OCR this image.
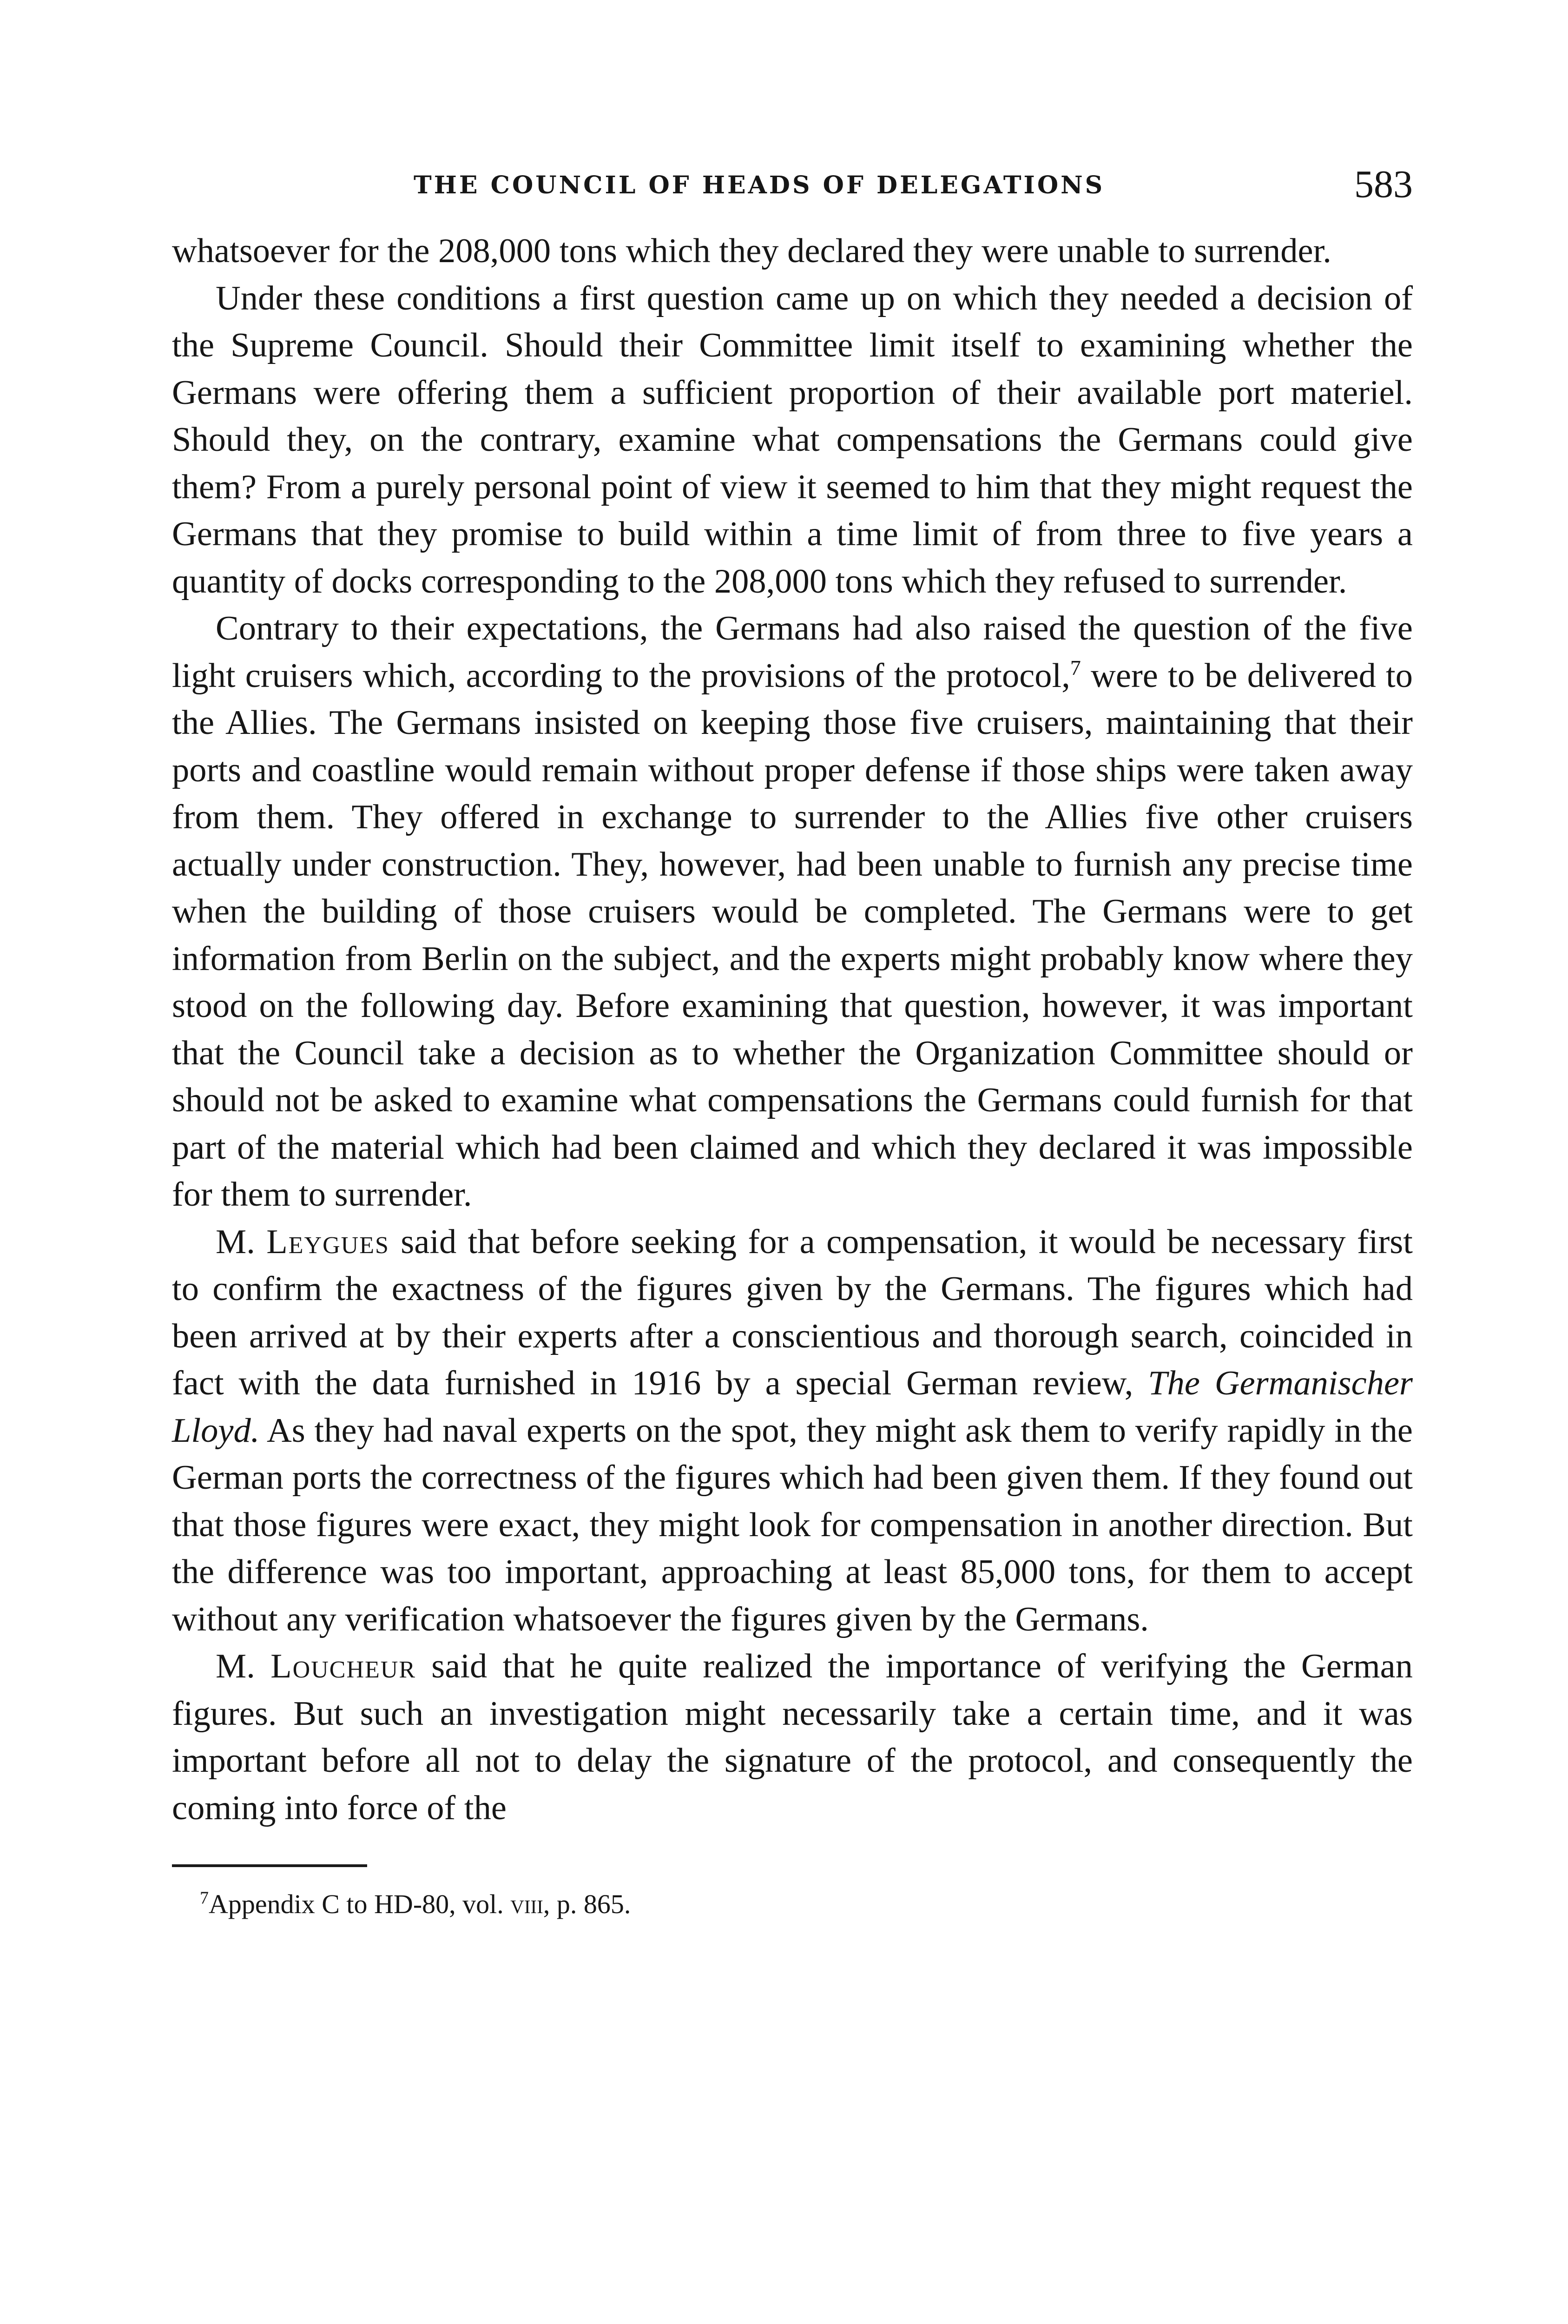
THE COUNCIL OF HEADS OF DELEGATIONS	583

whatsoever for the 208,000 tons which they declared they were unable to surrender.

Under these conditions a first question came up on which they needed a decision of the Supreme Council. Should their Committee limit itself to examining whether the Germans were offering them a sufficient proportion of their available port materiel. Should they, on the contrary, examine what compensations the Germans could give them? From a purely personal point of view it seemed to him that they might request the Germans that they promise to build within a time limit of from three to five years a quantity of docks corresponding to the 208,000 tons which they refused to surrender.

Contrary to their expectations, the Germans had also raised the question of the five light cruisers which, according to the provisions of the protocol,$^7$ were to be delivered to the Allies. The Germans insisted on keeping those five cruisers, maintaining that their ports and coastline would remain without proper defense if those ships were taken away from them. They offered in exchange to surrender to the Allies five other cruisers actually under construction. They, however, had been unable to furnish any precise time when the building of those cruisers would be completed. The Germans were to get information from Berlin on the subject, and the experts might probably know where they stood on the following day. Before examining that question, however, it was important that the Council take a decision as to whether the Organization Committee should or should not be asked to examine what compensations the Germans could furnish for that part of the material which had been claimed and which they declared it was impossible for them to surrender.

M. Leygues said that before seeking for a compensation, it would be necessary first to confirm the exactness of the figures given by the Germans. The figures which had been arrived at by their experts after a conscientious and thorough search, coincided in fact with the data furnished in 1916 by a special German review, The Germanischer Lloyd. As they had naval experts on the spot, they might ask them to verify rapidly in the German ports the correctness of the figures which had been given them. If they found out that those figures were exact, they might look for compensation in another direction. But the difference was too important, approaching at least 85,000 tons, for them to accept without any verification whatsoever the figures given by the Germans.

M. Loucheur said that he quite realized the importance of verifying the German figures. But such an investigation might necessarily take a certain time, and it was important before all not to delay the signature of the protocol, and consequently the coming into force of the

$^7$Appendix C to HD-80, vol. viii, p. 865.
